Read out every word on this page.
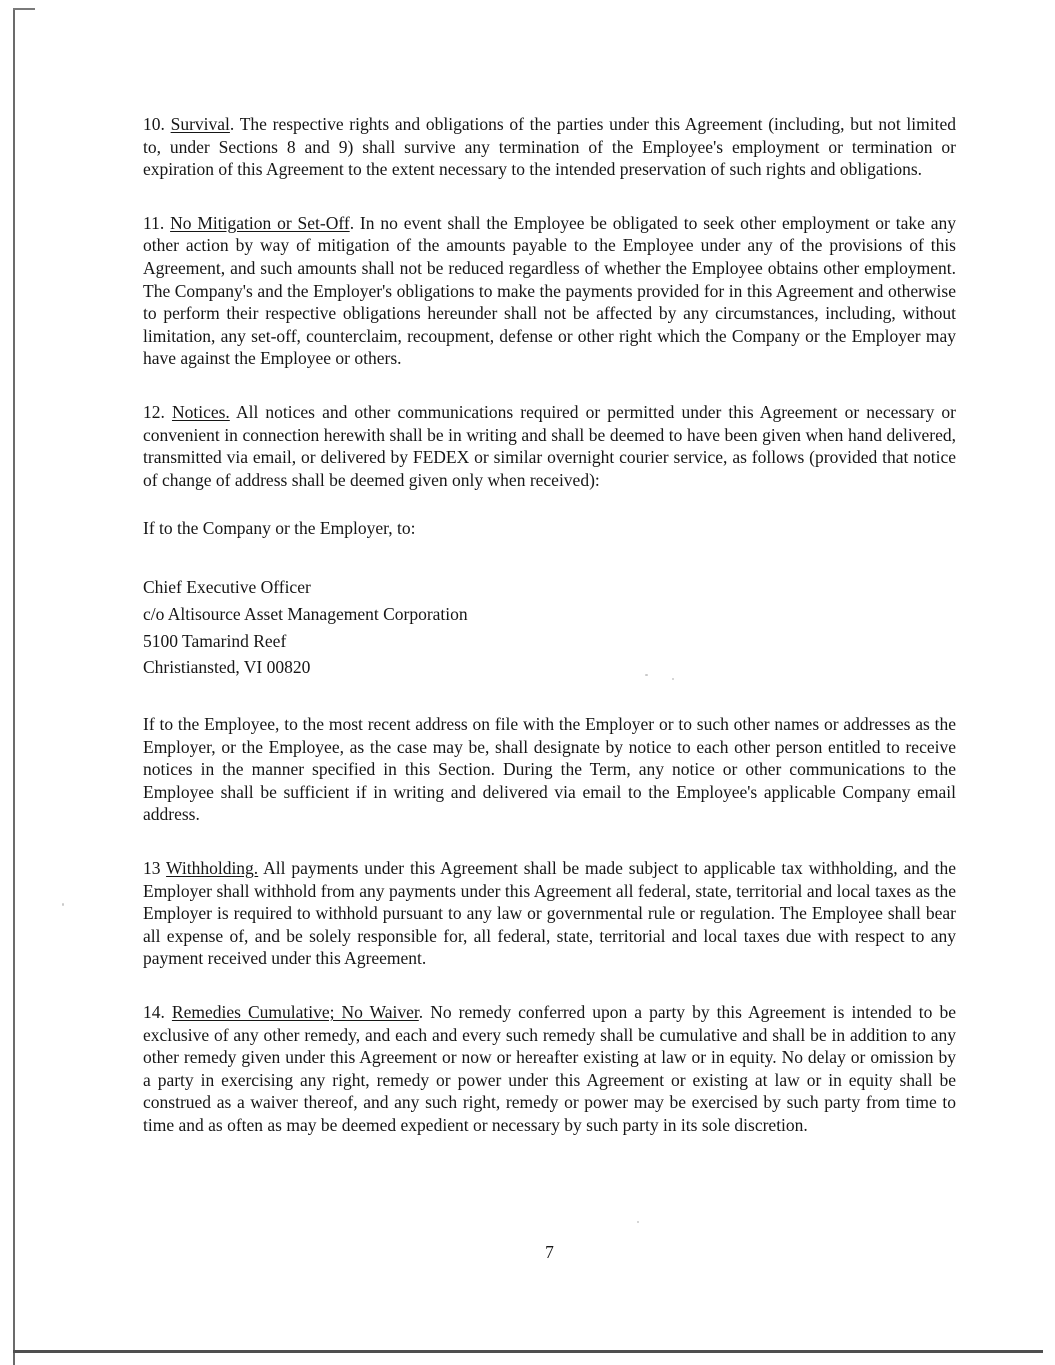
10. Survival. The respective rights and obligations of the parties under this Agreement (including, but not limited to, under Sections 8 and 9) shall survive any termination of the Employee's employment or termination or expiration of this Agreement to the extent necessary to the intended preservation of such rights and obligations.

11. No Mitigation or Set-Off. In no event shall the Employee be obligated to seek other employment or take any other action by way of mitigation of the amounts payable to the Employee under any of the provisions of this Agreement, and such amounts shall not be reduced regardless of whether the Employee obtains other employment. The Company's and the Employer's obligations to make the payments provided for in this Agreement and otherwise to perform their respective obligations hereunder shall not be affected by any circumstances, including, without limitation, any set-off, counterclaim, recoupment, defense or other right which the Company or the Employer may have against the Employee or others.

12. Notices. All notices and other communications required or permitted under this Agreement or necessary or convenient in connection herewith shall be in writing and shall be deemed to have been given when hand delivered, transmitted via email, or delivered by FEDEX or similar overnight courier service, as follows (provided that notice of change of address shall be deemed given only when received):

If to the Company or the Employer, to:

Chief Executive Officer
c/o Altisource Asset Management Corporation
5100 Tamarind Reef
Christiansted, VI 00820

If to the Employee, to the most recent address on file with the Employer or to such other names or addresses as the Employer, or the Employee, as the case may be, shall designate by notice to each other person entitled to receive notices in the manner specified in this Section. During the Term, any notice or other communications to the Employee shall be sufficient if in writing and delivered via email to the Employee's applicable Company email address.

13 Withholding. All payments under this Agreement shall be made subject to applicable tax withholding, and the Employer shall withhold from any payments under this Agreement all federal, state, territorial and local taxes as the Employer is required to withhold pursuant to any law or governmental rule or regulation. The Employee shall bear all expense of, and be solely responsible for, all federal, state, territorial and local taxes due with respect to any payment received under this Agreement.

14. Remedies Cumulative; No Waiver. No remedy conferred upon a party by this Agreement is intended to be exclusive of any other remedy, and each and every such remedy shall be cumulative and shall be in addition to any other remedy given under this Agreement or now or hereafter existing at law or in equity. No delay or omission by a party in exercising any right, remedy or power under this Agreement or existing at law or in equity shall be construed as a waiver thereof, and any such right, remedy or power may be exercised by such party from time to time and as often as may be deemed expedient or necessary by such party in its sole discretion.

7
